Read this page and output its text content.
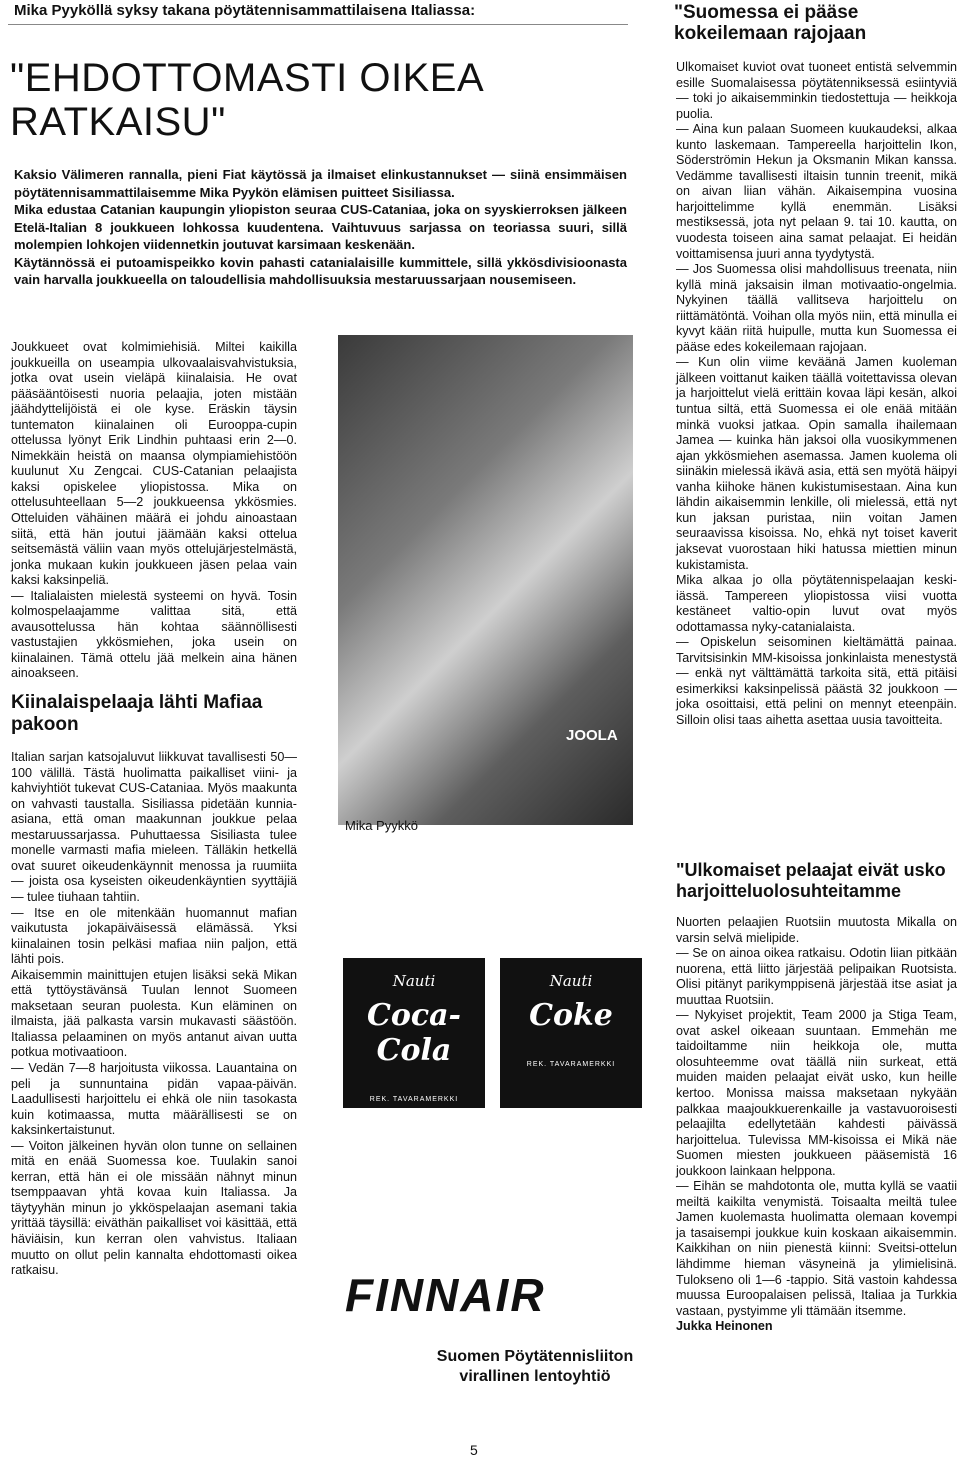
Mika Pyyköllä syksy takana pöytätennisammattilaisena Italiassa:
"EHDOTTOMASTI OIKEA RATKAISU"

Kaksio Välimeren rannalla, pieni Fiat käytössä ja ilmaiset elinkustannukset — siinä ensimmäisen pöytätennisammattilaisemme Mika Pyykön elämisen puitteet Sisiliassa.

Mika edustaa Catanian kaupungin yliopiston seuraa CUS-Cataniaa, joka on syyskierroksen jälkeen Etelä-Italian 8 joukkueen lohkossa kuudentena. Vaihtuvuus sarjassa on teoriassa suuri, sillä molempien lohkojen viidennetkin joutuvat karsimaan keskenään.

Käytännössä ei putoamispeikko kovin pahasti catanialaisille kummittele, sillä ykkösdivisioonasta vain harvalla joukkueella on taloudellisia mahdollisuuksia mestaruussarjaan nousemiseen.

Joukkueet ovat kolmimiehisiä. Miltei kaikilla joukkueilla on useampia ulkovaalaisvahvistuksia, jotka ovat usein vieläpä kiinalaisia. He ovat pääsääntöisesti nuoria pelaajia, joten mistään jäähdyttelijöistä ei ole kyse. Eräskin täysin tuntematon kiinalainen oli Eurooppa-cupin ottelussa lyönyt Erik Lindhin puhtaasi erin 2—0. Nimekkäin heistä on maansa olympiamiehistöön kuulunut Xu Zengcai. CUS-Catanian pelaajista kaksi opiskelee yliopistossa. Mika on ottelusuhteellaan 5—2 joukkueensa ykkösmies. Otteluiden vähäinen määrä ei johdu ainoastaan siitä, että hän joutui jäämään kaksi ottelua seitsemästä väliin vaan myös ottelujärjestelmästä, jonka mukaan kukin joukkueen jäsen pelaa vain kaksi kaksinpeliä.

— Italialaisten mielestä systeemi on hyvä. Tosin kolmospelaajamme valittaa sitä, että avausottelussa hän kohtaa säännöllisesti vastustajien ykkösmiehen, joka usein on kiinalainen. Tämä ottelu jää melkein aina hänen ainoakseen.

Kiinalaispelaaja lähti Mafiaa pakoon

Italian sarjan katsojaluvut liikkuvat tavallisesti 50—100 välillä. Tästä huolimatta paikalliset viini- ja kahviyhtiöt tukevat CUS-Cataniaa. Myös maakunta on vahvasti taustalla. Sisiliassa pidetään kunnia-asiana, että oman maakunnan joukkue pelaa mestaruussarjassa. Puhuttaessa Sisiliasta tulee monelle varmasti mafia mieleen. Tälläkin hetkellä ovat suuret oikeudenkäynnit menossa ja ruumiita — joista osa kyseisten oikeudenkäyntien syyttäjiä — tulee tiuhaan tahtiin.

— Itse en ole mitenkään huomannut mafian vaikutusta jokapäiväisessä elämässä. Yksi kiinalainen tosin pelkäsi mafiaa niin paljon, että lähti pois.

Aikaisemmin mainittujen etujen lisäksi sekä Mikan että tyttöystävänsä Tuulan lennot Suomeen maksetaan seuran puolesta. Kun eläminen on ilmaista, jää palkasta varsin mukavasti säästöön. Italiassa pelaaminen on myös antanut aivan uutta potkua motivaatioon.

— Vedän 7—8 harjoitusta viikossa. Lauantaina on peli ja sunnuntaina pidän vapaa-päivän. Laadullisesti harjoittelu ei ehkä ole niin tasokasta kuin kotimaassa, mutta määrällisesti se on kaksinkertaistunut.

— Voiton jälkeinen hyvän olon tunne on sellainen mitä en enää Suomessa koe. Tuulakin sanoi kerran, että hän ei ole missään nähnyt minun tsemppaavan yhtä kovaa kuin Italiassa. Ja täytyyhän minun jo ykköspelaajan asemani takia yrittää täysillä: eiväthän paikalliset voi käsittää, että häviäisin, kun kerran olen vahvistus. Italiaan muutto on ollut pelin kannalta ehdottomasti oikea ratkaisu.

JOOLA
Mika Pyykkö
Nauti
Coca-Cola
REK. TAVARAMERKKI
Nauti
Coke
REK. TAVARAMERKKI
FINNAIR
Suomen Pöytätennisliiton virallinen lentoyhtiö
"Suomessa ei pääse kokeilemaan rajojaan

Ulkomaiset kuviot ovat tuoneet entistä selvemmin esille Suomalaisessa pöytätenniksessä esiintyviä — toki jo aikaisemminkin tiedostettuja — heikkoja puolia.

— Aina kun palaan Suomeen kuukaudeksi, alkaa kunto laskemaan. Tampereella harjoittelin Ikon, Söderströmin Hekun ja Oksmanin Mikan kanssa. Vedämme tavallisesti iltaisin tunnin treenit, mikä on aivan liian vähän. Aikaisempina vuosina harjoittelimme kyllä enemmän. Lisäksi mestiksessä, jota nyt pelaan 9. tai 10. kautta, on vuodesta toiseen aina samat pelaajat. Ei heidän voittamisensa juuri anna tyydytystä.

— Jos Suomessa olisi mahdollisuus treenata, niin kyllä minä jaksaisin ilman motivaatio-ongelmia. Nykyinen täällä vallitseva harjoittelu on riittämätöntä. Voihan olla myös niin, että minulla ei kyvyt kään riitä huipulle, mutta kun Suomessa ei pääse edes kokeilemaan rajojaan.

— Kun olin viime keväänä Jamen kuoleman jälkeen voittanut kaiken täällä voitettavissa olevan ja harjoittelut vielä erittäin kovaa läpi kesän, alkoi tuntua siltä, että Suomessa ei ole enää mitään minkä vuoksi jatkaa. Opin samalla ihailemaan Jamea — kuinka hän jaksoi olla vuosikymmenen ajan ykkösmiehen asemassa. Jamen kuolema oli siinäkin mielessä ikävä asia, että sen myötä häipyi vanha kiihoke hänen kukistumisestaan. Aina kun lähdin aikaisemmin lenkille, oli mielessä, että nyt kun jaksan puristaa, niin voitan Jamen seuraavissa kisoissa. No, ehkä nyt toiset kaverit jaksevat vuorostaan hiki hatussa miettien minun kukistamista.

Mika alkaa jo olla pöytätennispelaajan keski-iässä. Tampereen yliopistossa viisi vuotta kestäneet valtio-opin luvut ovat myös odottamassa nyky-catanialaista.

— Opiskelun seisominen kieltämättä painaa. Tarvitsisinkin MM-kisoissa jonkinlaista menestystä — enkä nyt välttämättä tarkoita sitä, että pitäisi esimerkiksi kaksinpelissä päästä 32 joukkoon — joka osoittaisi, että pelini on mennyt eteenpäin. Silloin olisi taas aihetta asettaa uusia tavoitteita.

"Ulkomaiset pelaajat eivät usko harjoitteluolosuhteitamme

Nuorten pelaajien Ruotsiin muutosta Mikalla on varsin selvä mielipide.

— Se on ainoa oikea ratkaisu. Odotin liian pitkään nuorena, että liitto järjestää pelipaikan Ruotsista. Olisi pitänyt parikymppisenä järjestää itse asiat ja muuttaa Ruotsiin.

— Nykyiset projektit, Team 2000 ja Stiga Team, ovat askel oikeaan suuntaan. Emmehän me taidoiltamme niin heikkoja ole, mutta olosuhteemme ovat täällä niin surkeat, että muiden maiden pelaajat eivät usko, kun heille kertoo. Monissa maissa maksetaan nykyään palkkaa maajoukkuerenkaille ja vastavuoroisesti pelaajilta edellytetään kahdesti päivässä harjoittelua. Tulevissa MM-kisoissa ei Mikä näe Suomen miesten joukkueen pääsemistä 16 joukkoon lainkaan helppona.

— Eihän se mahdotonta ole, mutta kyllä se vaatii meiltä kaikilta venymistä. Toisaalta meiltä tulee Jamen kuolemasta huolimatta olemaan kovempi ja tasaisempi joukkue kuin koskaan aikaisemmin. Kaikkihan on niin pienestä kiinni: Sveitsi-ottelun lähdimme hieman väsyneinä ja ylimielisinä. Tulokseno oli 1—6 -tappio. Sitä vastoin kahdessa muussa Euroopalaisen pelissä, Italiaa ja Turkkia vastaan, pystyimme yli ttämään itsemme.

Jukka Heinonen

5
